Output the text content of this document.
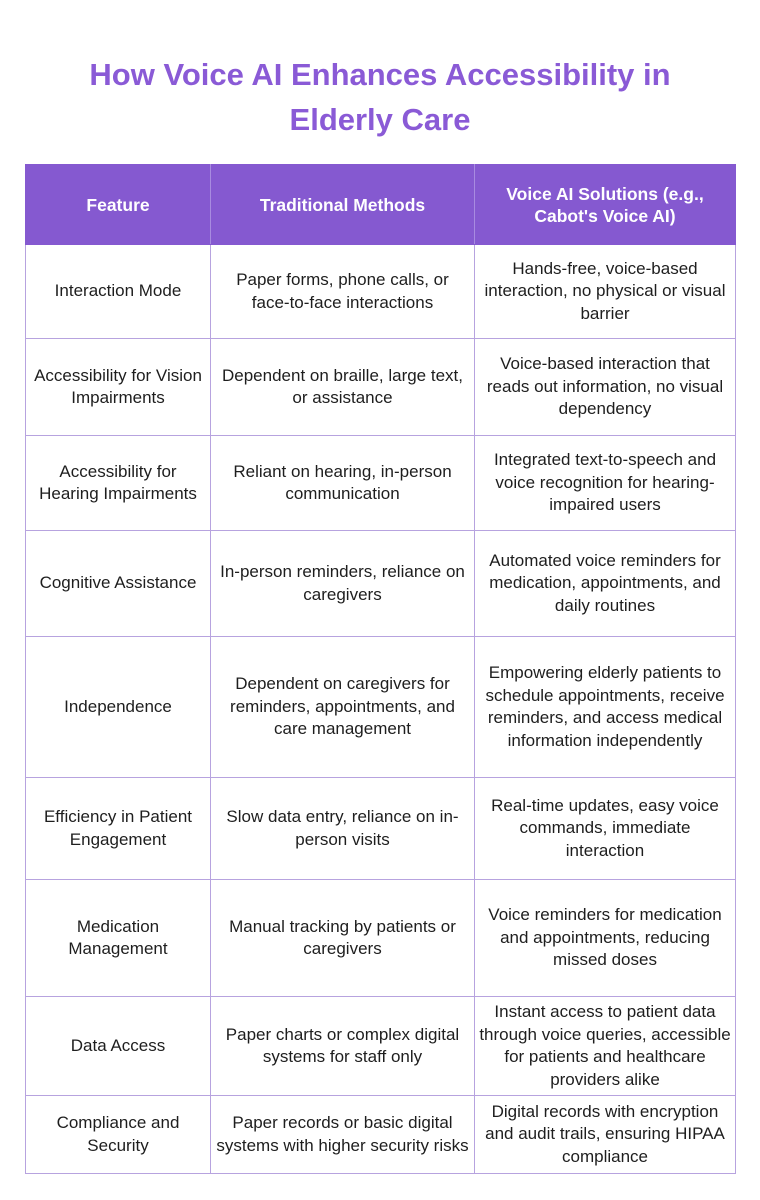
How Voice AI Enhances Accessibility in Elderly Care
Feature	Traditional Methods	Voice AI Solutions (e.g., Cabot's Voice AI)
Interaction Mode	Paper forms, phone calls, or face-to-face interactions	Hands-free, voice-based interaction, no physical or visual barrier
Accessibility for Vision Impairments	Dependent on braille, large text, or assistance	Voice-based interaction that reads out information, no visual dependency
Accessibility for Hearing Impairments	Reliant on hearing, in-person communication	Integrated text-to-speech and voice recognition for hearing-impaired users
Cognitive Assistance	In-person reminders, reliance on caregivers	Automated voice reminders for medication, appointments, and daily routines
Independence	Dependent on caregivers for reminders, appointments, and care management	Empowering elderly patients to schedule appointments, receive reminders, and access medical information independently
Efficiency in Patient Engagement	Slow data entry, reliance on in-person visits	Real-time updates, easy voice commands, immediate interaction
Medication Management	Manual tracking by patients or caregivers	Voice reminders for medication and appointments, reducing missed doses
Data Access	Paper charts or complex digital systems for staff only	Instant access to patient data through voice queries, accessible for patients and healthcare providers alike
Compliance and Security	Paper records or basic digital systems with higher security risks	Digital records with encryption and audit trails, ensuring HIPAA compliance
